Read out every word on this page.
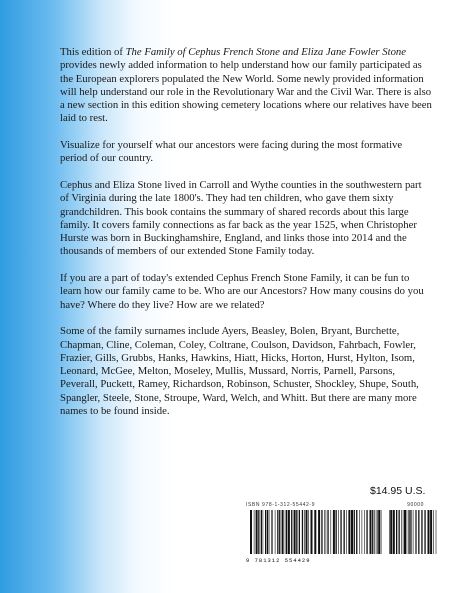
This edition of The Family of Cephus French Stone and Eliza Jane Fowler Stone provides newly added information to help understand how our family participated as the European explorers populated the New World. Some newly provided information will help understand our role in the Revolutionary War and the Civil War. There is also a new section in this edition showing cemetery locations where our relatives have been laid to rest.

Visualize for yourself what our ancestors were facing during the most formative period of our country.

Cephus and Eliza Stone lived in Carroll and Wythe counties in the southwestern part of Virginia during the late 1800's. They had ten children, who gave them sixty grandchildren. This book contains the summary of shared records about this large family. It covers family connections as far back as the year 1525, when Christopher Hurste was born in Buckinghamshire, England, and links those into 2014 and the thousands of members of our extended Stone Family today.

If you are a part of today's extended Cephus French Stone Family, it can be fun to learn how our family came to be. Who are our Ancestors? How many cousins do you have? Where do they live? How are we related?

Some of the family surnames include Ayers, Beasley, Bolen, Bryant, Burchette, Chapman, Cline, Coleman, Coley, Coltrane, Coulson, Davidson, Fahrbach, Fowler, Frazier, Gills, Grubbs, Hanks, Hawkins, Hiatt, Hicks, Horton, Hurst, Hylton, Isom, Leonard, McGee, Melton, Moseley, Mullis, Mussard, Norris, Parnell, Parsons, Peverall, Puckett, Ramey, Richardson, Robinson, Schuster, Shockley, Shupe, South, Spangler, Steele, Stone, Stroupe, Ward, Welch, and Whitt. But there are many more names to be found inside.

$14.95 U.S.
ISBN 978-1-312-55442-9	90000
9 781312 554429
